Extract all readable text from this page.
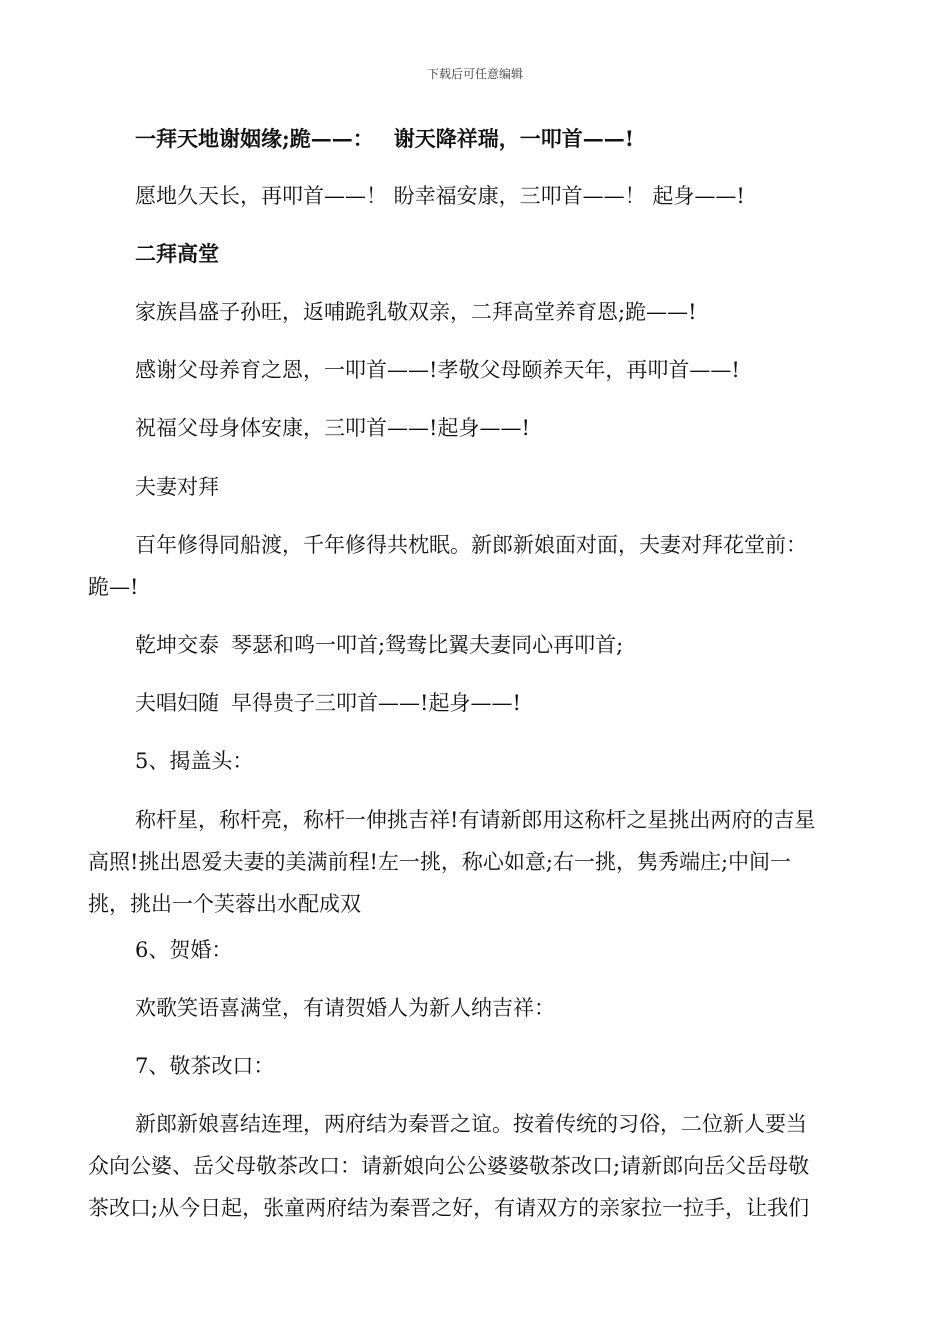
下载后可任意编辑

一拜天地谢姻缘;跪——： 谢天降祥瑞，一叩首——!

愿地久天长，再叩首——！ 盼幸福安康，三叩首——！ 起身——!

二拜高堂

家族昌盛子孙旺，返哺跪乳敬双亲，二拜高堂养育恩;跪——!

感谢父母养育之恩，一叩首——!孝敬父母颐养天年，再叩首——!

祝福父母身体安康，三叩首——!起身——!

夫妻对拜

百年修得同船渡，千年修得共枕眠。新郎新娘面对面，夫妻对拜花堂前：

跪—!

乾坤交泰 琴瑟和鸣一叩首;鸳鸯比翼夫妻同心再叩首;

夫唱妇随 早得贵子三叩首——!起身——!

5、揭盖头：

称杆星，称杆亮，称杆一伸挑吉祥!有请新郎用这称杆之星挑出两府的吉星

高照!挑出恩爱夫妻的美满前程!左一挑，称心如意;右一挑，隽秀端庄;中间一

挑，挑出一个芙蓉出水配成双

6、贺婚：

欢歌笑语喜满堂，有请贺婚人为新人纳吉祥：

7、敬茶改口：

新郎新娘喜结连理，两府结为秦晋之谊。按着传统的习俗，二位新人要当

众向公婆、岳父母敬茶改口：请新娘向公公婆婆敬茶改口;请新郎向岳父岳母敬

茶改口;从今日起，张童两府结为秦晋之好，有请双方的亲家拉一拉手，让我们
